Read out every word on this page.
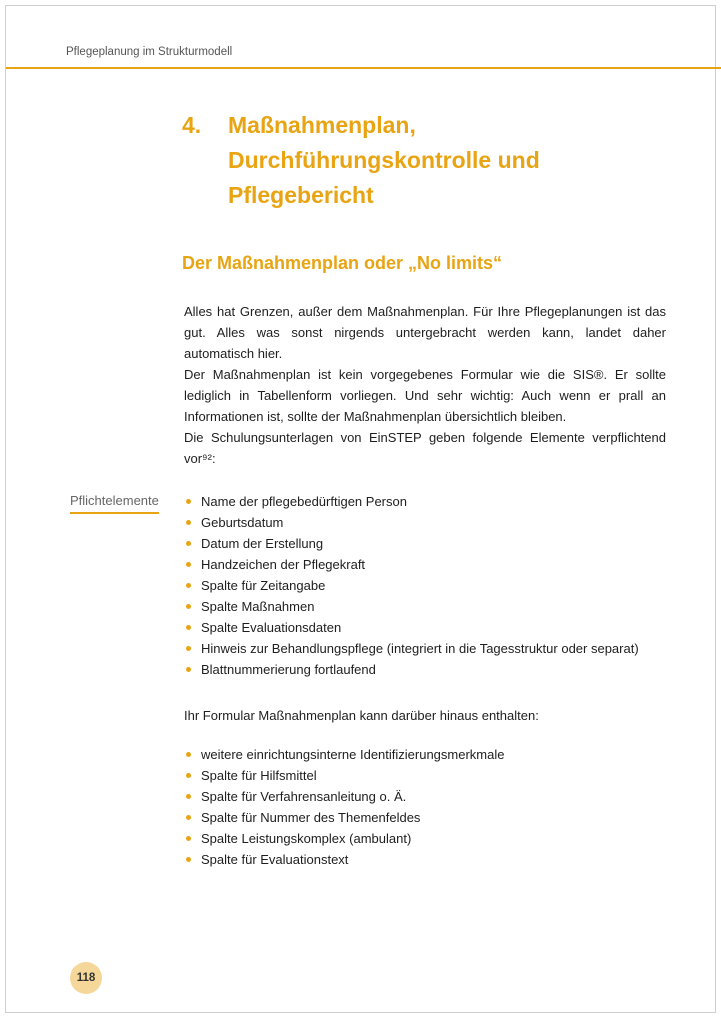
Pflegeplanung im Strukturmodell
4.	Maßnahmenplan,
Durchführungskontrolle und
Pflegebericht
Der Maßnahmenplan oder „No limits“

Alles hat Grenzen, außer dem Maßnahmenplan. Für Ihre Pflegeplanungen ist das gut. Alles was sonst nirgends untergebracht werden kann, landet daher automatisch hier.

Der Maßnahmenplan ist kein vorgegebenes Formular wie die SIS®. Er sollte lediglich in Tabellenform vorliegen. Und sehr wichtig: Auch wenn er prall an Informationen ist, sollte der Maßnahmenplan übersichtlich bleiben.

Die Schulungsunterlagen von EinSTEP geben folgende Elemente verpflichtend vor⁹²:

Pflichtelemente	Name der pflegebedürftigen Person
Geburtsdatum
Datum der Erstellung
Handzeichen der Pflegekraft
Spalte für Zeitangabe
Spalte Maßnahmen
Spalte Evaluationsdaten
Hinweis zur Behandlungspflege (integriert in die Tagesstruktur oder separat)
Blattnummerierung fortlaufend
Ihr Formular Maßnahmenplan kann darüber hinaus enthalten:
weitere einrichtungsinterne Identifizierungsmerkmale
Spalte für Hilfsmittel
Spalte für Verfahrensanleitung o. Ä.
Spalte für Nummer des Themenfeldes
Spalte Leistungskomplex (ambulant)
Spalte für Evaluationstext
118
